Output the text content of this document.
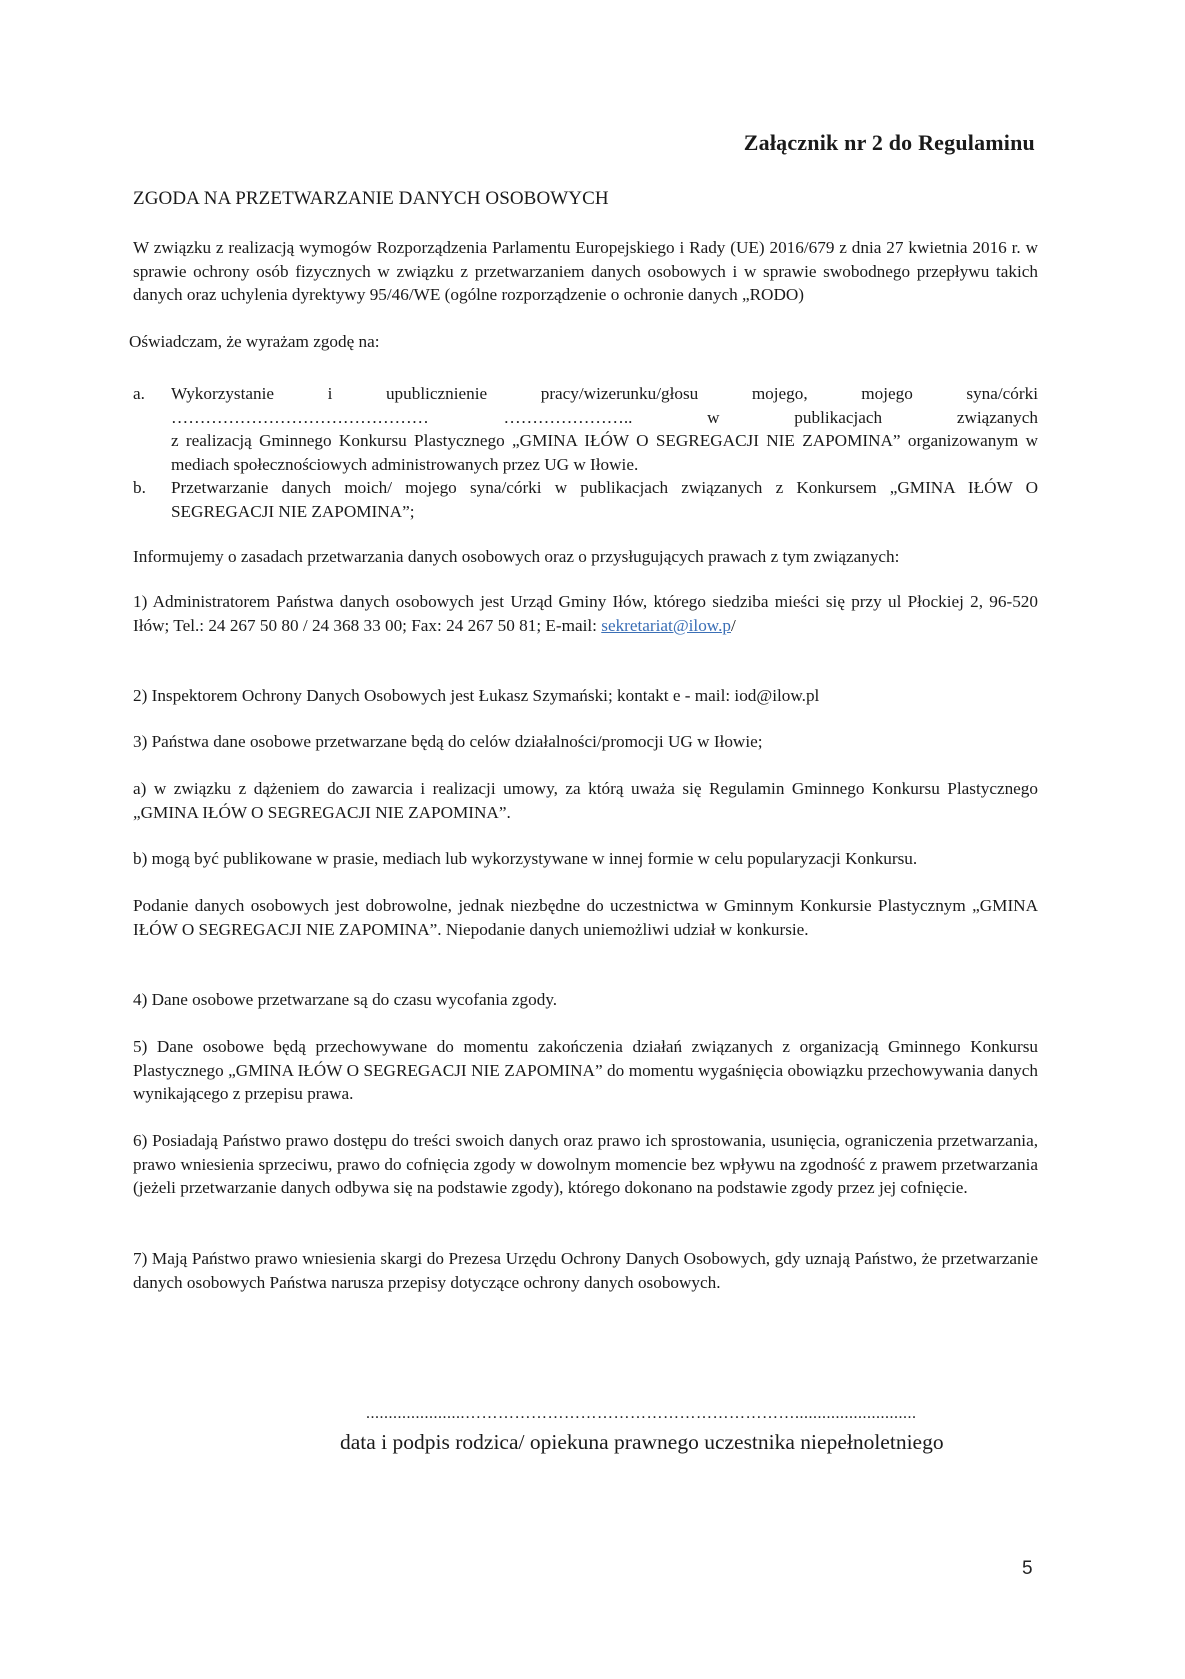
Załącznik nr 2 do Regulaminu
ZGODA NA PRZETWARZANIE DANYCH OSOBOWYCH

W związku z realizacją wymogów Rozporządzenia Parlamentu Europejskiego i Rady (UE) 2016/679 z dnia 27 kwietnia 2016 r. w sprawie ochrony osób fizycznych w związku z przetwarzaniem danych osobowych i w sprawie swobodnego przepływu takich danych oraz uchylenia dyrektywy 95/46/WE (ogólne rozporządzenie o ochronie danych „RODO)

Oświadczam, że wyrażam zgodę na:

a. Wykorzystanie	i	upublicznienie	pracy/wizerunku/głosu	mojego,	mojego	syna/córki
………………………………………	…………………..	w	publikacjach	związanych
z realizacją Gminnego Konkursu Plastycznego „GMINA IŁÓW O SEGREGACJI NIE ZAPOMINA” organizowanym w mediach społecznościowych administrowanych przez UG w Iłowie.
b. Przetwarzanie danych moich/ mojego syna/córki w publikacjach związanych z Konkursem „GMINA IŁÓW O SEGREGACJI NIE ZAPOMINA”;

Informujemy o zasadach przetwarzania danych osobowych oraz o przysługujących prawach z tym związanych:

1) Administratorem Państwa danych osobowych jest Urząd Gminy Iłów, którego siedziba mieści się przy ul Płockiej 2, 96-520 Iłów; Tel.: 24 267 50 80 / 24 368 33 00; Fax: 24 267 50 81; E-mail: sekretariat@ilow.p/

2) Inspektorem Ochrony Danych Osobowych jest Łukasz Szymański; kontakt e - mail: iod@ilow.pl

3) Państwa dane osobowe przetwarzane będą do celów działalności/promocji UG w Iłowie;

a) w związku z dążeniem do zawarcia i realizacji umowy, za którą uważa się Regulamin Gminnego Konkursu Plastycznego „GMINA IŁÓW O SEGREGACJI NIE ZAPOMINA”.

b) mogą być publikowane w prasie, mediach lub wykorzystywane w innej formie w celu popularyzacji Konkursu.

Podanie danych osobowych jest dobrowolne, jednak niezbędne do uczestnictwa w Gminnym Konkursie Plastycznym „GMINA IŁÓW O SEGREGACJI NIE ZAPOMINA”. Niepodanie danych uniemożliwi udział w konkursie.

4) Dane osobowe przetwarzane są do czasu wycofania zgody.

5) Dane osobowe będą przechowywane do momentu zakończenia działań związanych z organizacją Gminnego Konkursu Plastycznego „GMINA IŁÓW O SEGREGACJI NIE ZAPOMINA” do momentu wygaśnięcia obowiązku przechowywania danych wynikającego z przepisu prawa.

6) Posiadają Państwo prawo dostępu do treści swoich danych oraz prawo ich sprostowania, usunięcia, ograniczenia przetwarzania, prawo wniesienia sprzeciwu, prawo do cofnięcia zgody w dowolnym momencie bez wpływu na zgodność z prawem przetwarzania (jeżeli przetwarzanie danych odbywa się na podstawie zgody), którego dokonano na podstawie zgody przez jej cofnięcie.

7) Mają Państwo prawo wniesienia skargi do Prezesa Urzędu Ochrony Danych Osobowych, gdy uznają Państwo, że przetwarzanie danych osobowych Państwa narusza przepisy dotyczące ochrony danych osobowych.

......................……………………………………………………...........................
data i podpis rodzica/ opiekuna prawnego uczestnika niepełnoletniego
5
